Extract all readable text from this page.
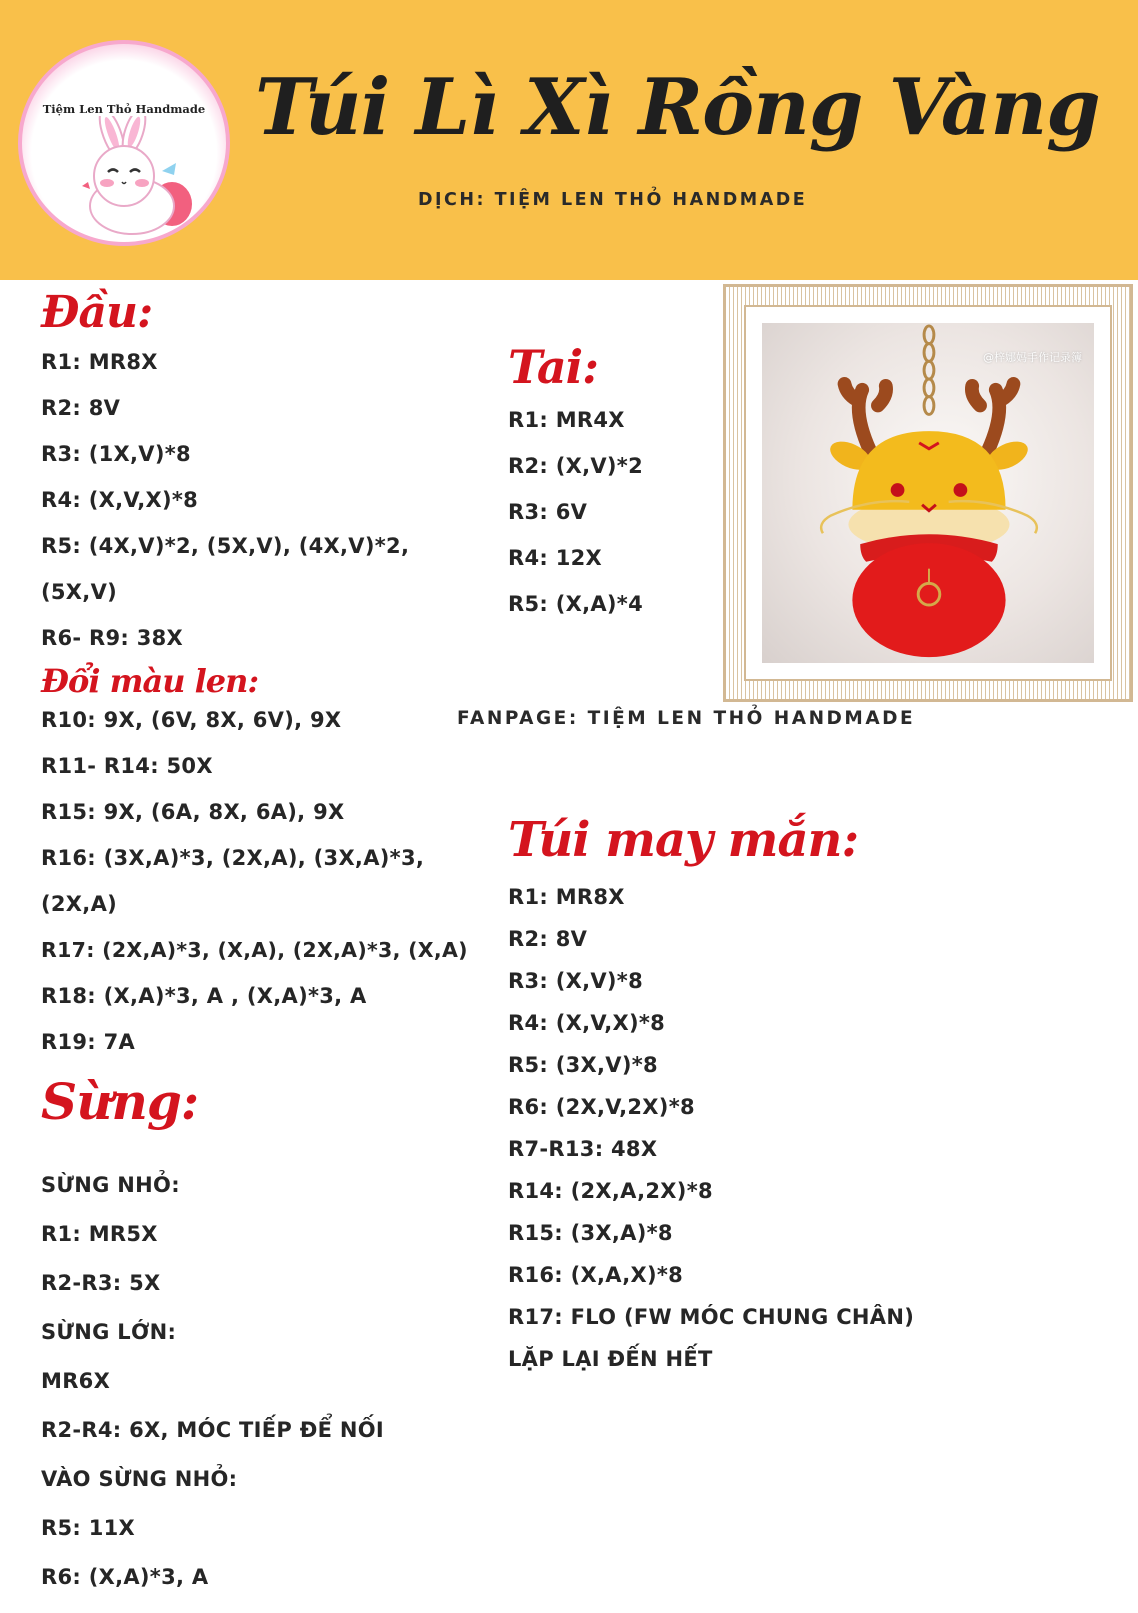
Tiệm Len Thỏ Handmade Túi Lì Xì Rồng Vàng
DỊCH: TIỆM LEN THỎ HANDMADE
Đầu:
R1: MR8X
R2: 8V
R3: (1X,V)*8
R4: (X,V,X)*8
R5: (4X,V)*2, (5X,V), (4X,V)*2,
(5X,V)
R6- R9: 38X
Đổi màu len:
R10: 9X, (6V, 8X, 6V), 9X
R11- R14: 50X
R15: 9X, (6A, 8X, 6A), 9X
R16: (3X,A)*3, (2X,A), (3X,A)*3,
(2X,A)
R17: (2X,A)*3, (X,A), (2X,A)*3, (X,A)
R18: (X,A)*3, A , (X,A)*3, A
R19: 7A
Sừng:
SỪNG NHỎ:
R1: MR5X
R2-R3: 5X
SỪNG LỚN:
MR6X
R2-R4: 6X, MÓC TIẾP ĐỂ NỐI
VÀO SỪNG NHỎ:
R5: 11X
R6: (X,A)*3, A
Tai:
R1: MR4X
R2: (X,V)*2
R3: 6V
R4: 12X
R5: (X,A)*4
@梓娜妈手作记录簿
FANPAGE: TIỆM LEN THỎ HANDMADE
Túi may mắn:
R1: MR8X
R2: 8V
R3: (X,V)*8
R4: (X,V,X)*8
R5: (3X,V)*8
R6: (2X,V,2X)*8
R7-R13: 48X
R14: (2X,A,2X)*8
R15: (3X,A)*8
R16: (X,A,X)*8
R17: FLO (FW MÓC CHUNG CHÂN)
LẶP LẠI ĐẾN HẾT
